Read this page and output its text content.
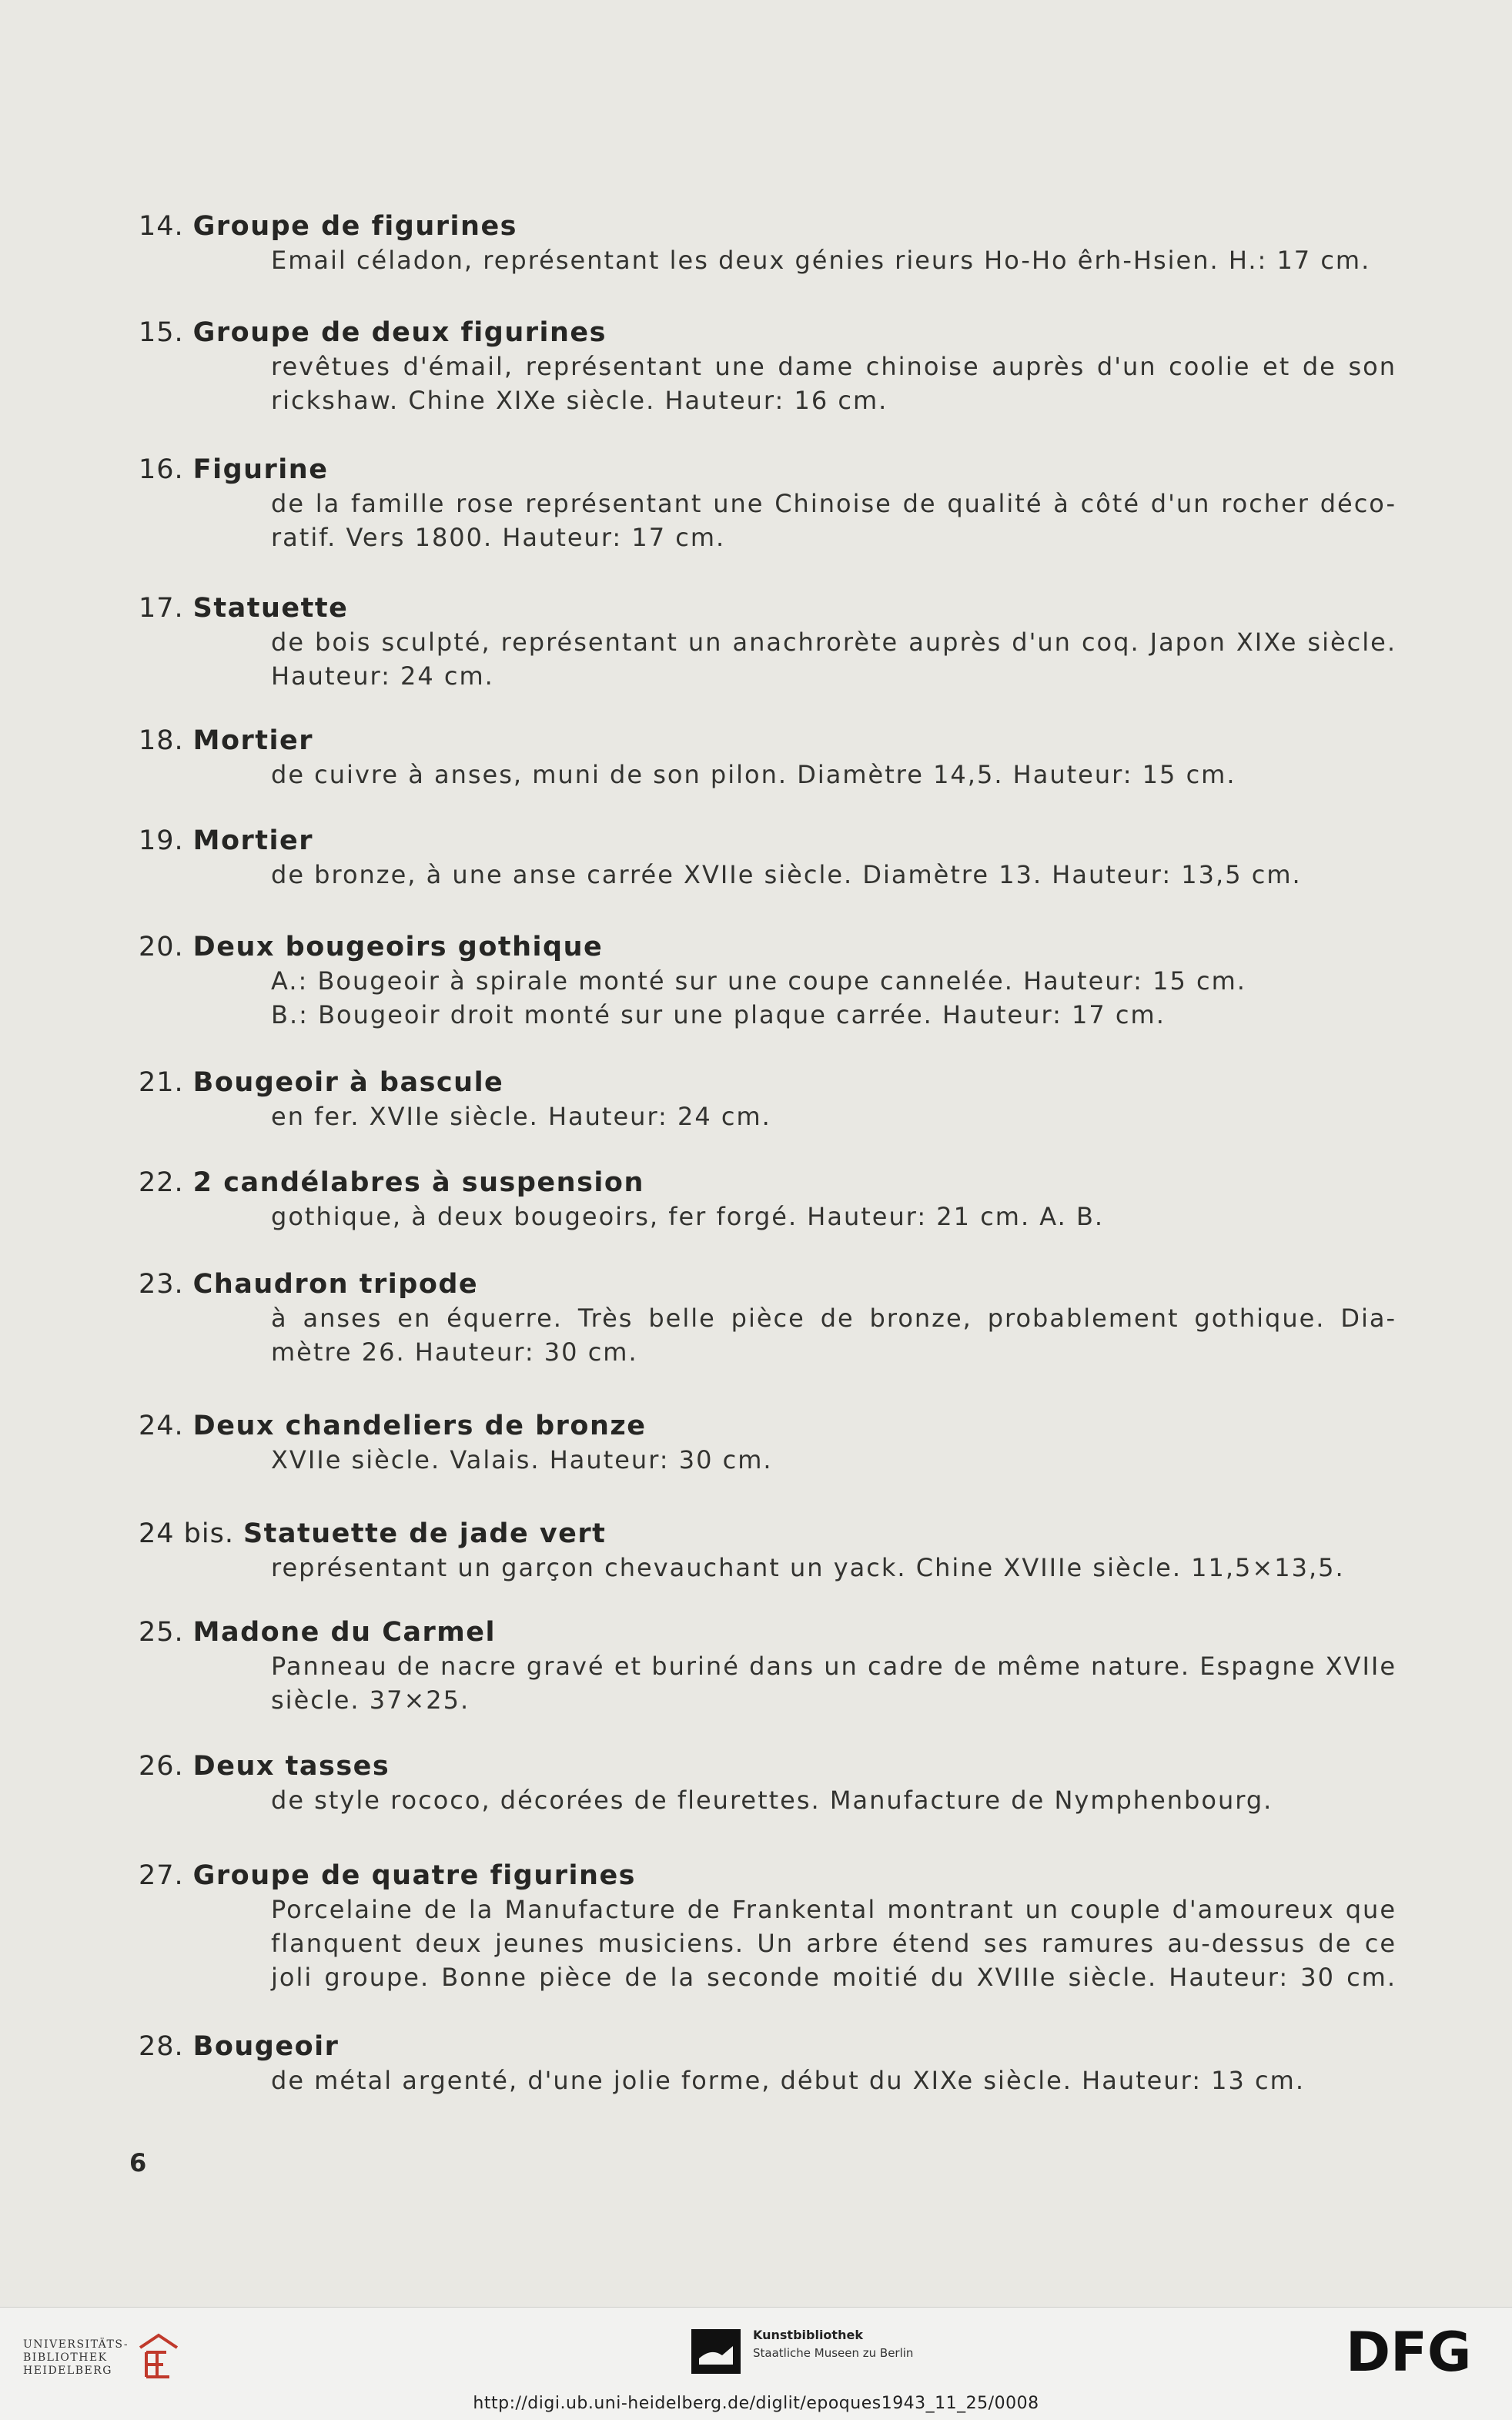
14. Groupe de figurines
Email céladon, représentant les deux génies rieurs Ho-Ho êrh-Hsien. H.: 17 cm.
15. Groupe de deux figurines
revêtues d'émail, représentant une dame chinoise auprès d'un coolie et de son
rickshaw. Chine XIXe siècle. Hauteur: 16 cm.
16. Figurine
de la famille rose représentant une Chinoise de qualité à côté d'un rocher déco-
ratif. Vers 1800. Hauteur: 17 cm.
17. Statuette
de bois sculpté, représentant un anachrorète auprès d'un coq. Japon XIXe siècle.
Hauteur: 24 cm.
18. Mortier
de cuivre à anses, muni de son pilon. Diamètre 14,5. Hauteur: 15 cm.
19. Mortier
de bronze, à une anse carrée XVIIe siècle. Diamètre 13. Hauteur: 13,5 cm.
20. Deux bougeoirs gothique
A.: Bougeoir à spirale monté sur une coupe cannelée. Hauteur: 15 cm.
B.: Bougeoir droit monté sur une plaque carrée. Hauteur: 17 cm.
21. Bougeoir à bascule
en fer. XVIIe siècle. Hauteur: 24 cm.
22. 2 candélabres à suspension
gothique, à deux bougeoirs, fer forgé. Hauteur: 21 cm. A. B.
23. Chaudron tripode
à anses en équerre. Très belle pièce de bronze, probablement gothique. Dia-
mètre 26. Hauteur: 30 cm.
24. Deux chandeliers de bronze
XVIIe siècle. Valais. Hauteur: 30 cm.
24 bis. Statuette de jade vert
représentant un garçon chevauchant un yack. Chine XVIIIe siècle. 11,5×13,5.
25. Madone du Carmel
Panneau de nacre gravé et buriné dans un cadre de même nature. Espagne XVIIe
siècle. 37×25.
26. Deux tasses
de style rococo, décorées de fleurettes. Manufacture de Nymphenbourg.
27. Groupe de quatre figurines
Porcelaine de la Manufacture de Frankental montrant un couple d'amoureux que
flanquent deux jeunes musiciens. Un arbre étend ses ramures au-dessus de ce
joli groupe. Bonne pièce de la seconde moitié du XVIIIe siècle. Hauteur: 30 cm.
28. Bougeoir
de métal argenté, d'une jolie forme, début du XIXe siècle. Hauteur: 13 cm.
6
UNIVERSITÄTS-
BIBLIOTHEK
HEIDELBERG
Kunstbibliothek
Staatliche Museen zu Berlin	DFG
http://digi.ub.uni-heidelberg.de/diglit/epoques1943_11_25/0008
